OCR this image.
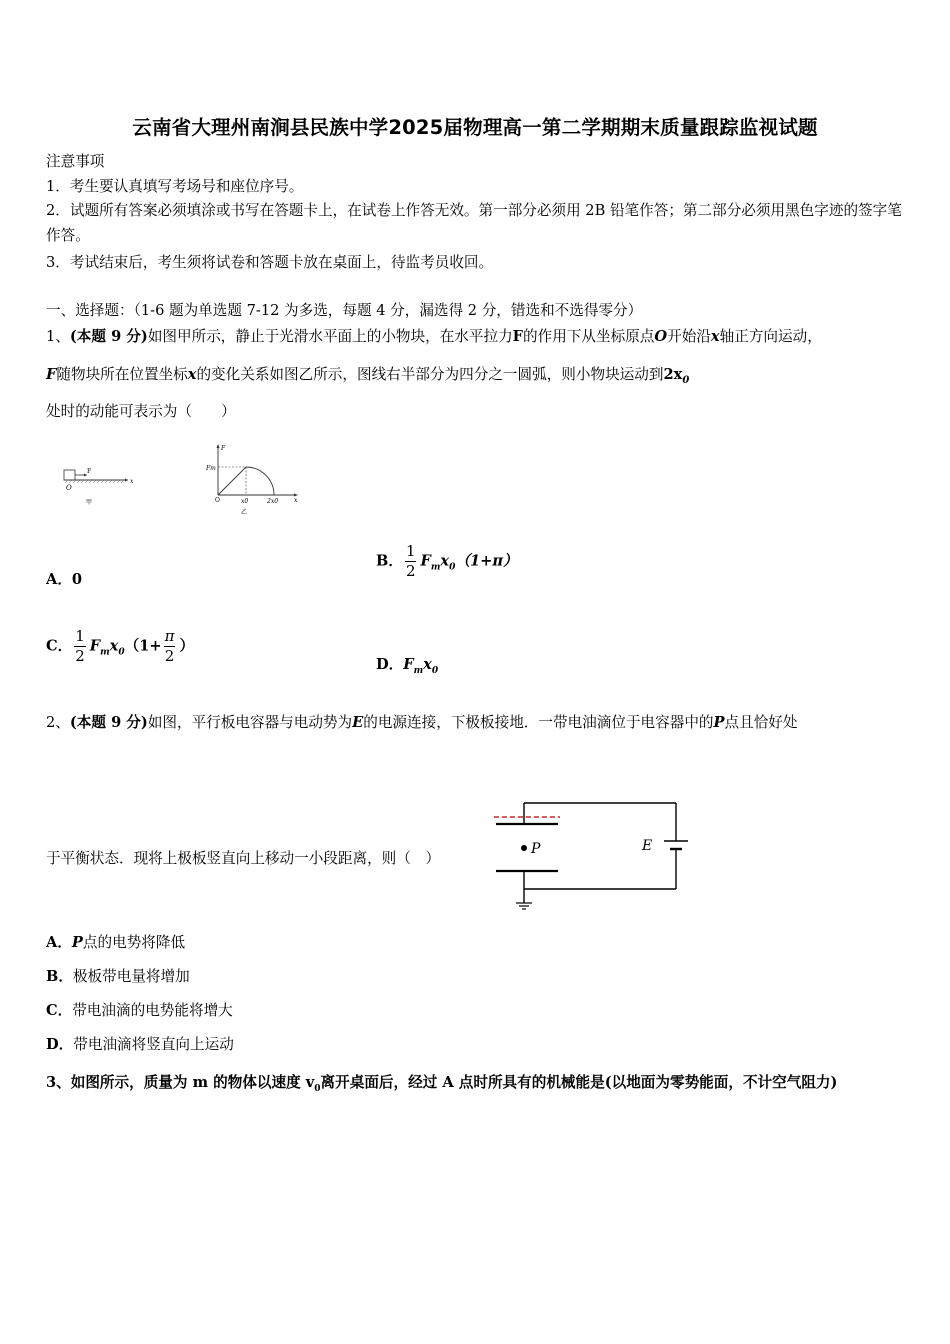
云南省大理州南涧县民族中学2025届物理高一第二学期期末质量跟踪监视试题
注意事项
1．考生要认真填写考场号和座位序号。
2．试题所有答案必须填涂或书写在答题卡上，在试卷上作答无效。第一部分必须用 2B 铅笔作答；第二部分必须用黑色字迹的签字笔作答。
3．考试结束后，考生须将试卷和答题卡放在桌面上，待监考员收回。
一、选择题：（1-6 题为单选题 7-12 为多选，每题 4 分，漏选得 2 分，错选和不选得零分）
1、(本题 9 分)如图甲所示，静止于光滑水平面上的小物块，在水平拉力F的作用下从坐标原点O开始沿x轴正方向运动，
F随物块所在位置坐标x的变化关系如图乙所示，图线右半部分为四分之一圆弧，则小物块运动到$2x_0$
处时的动能可表示为（　　）
F
x
O
甲
F
x
O
Fm
x0	2x0
乙
A．0
B． $\frac{1}{2} F_mx_0(1+\pi)$
C． $\frac{1}{2} F_mx_0(1+ \frac{\pi}{2}$ ）
D．$F_mx_0$
2、(本题 9 分)如图，平行板电容器与电动势为E的电源连接，下极板接地．一带电油滴位于电容器中的P点且恰好处
于平衡状态．现将上极板竖直向上移动一小段距离，则（　）
E
P
A．P点的电势将降低
B．极板带电量将增加
C．带电油滴的电势能将增大
D．带电油滴将竖直向上运动
3、如图所示，质量为 m 的物体以速度 $v_0$离开桌面后，经过 A 点时所具有的机械能是(以地面为零势能面，不计空气阻力)
